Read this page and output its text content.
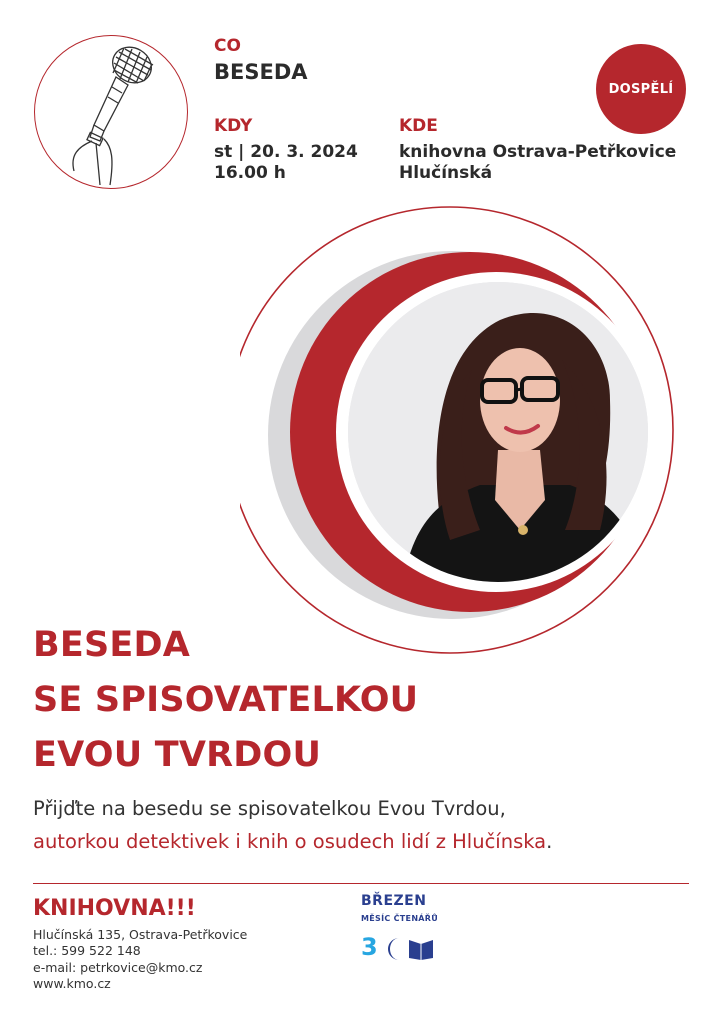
CO
BESEDA
KDY
st | 20. 3. 2024
16.00 h
KDE
knihovna Ostrava-Petřkovice
Hlučínská
DOSPĚLÍ
BESEDA
SE SPISOVATELKOU
EVOU TVRDOU
Přijďte na besedu se spisovatelkou Evou Tvrdou,
autorkou detektivek i knih o osudech lidí z Hlučínska.
KNIHOVNA!!!
Hlučínská 135, Ostrava-Petřkovice
tel.: 599 522 148
e-mail: petrkovice@kmo.cz
www.kmo.cz
BŘEZEN
MĚSÍC ČTENÁŘŮ
3
